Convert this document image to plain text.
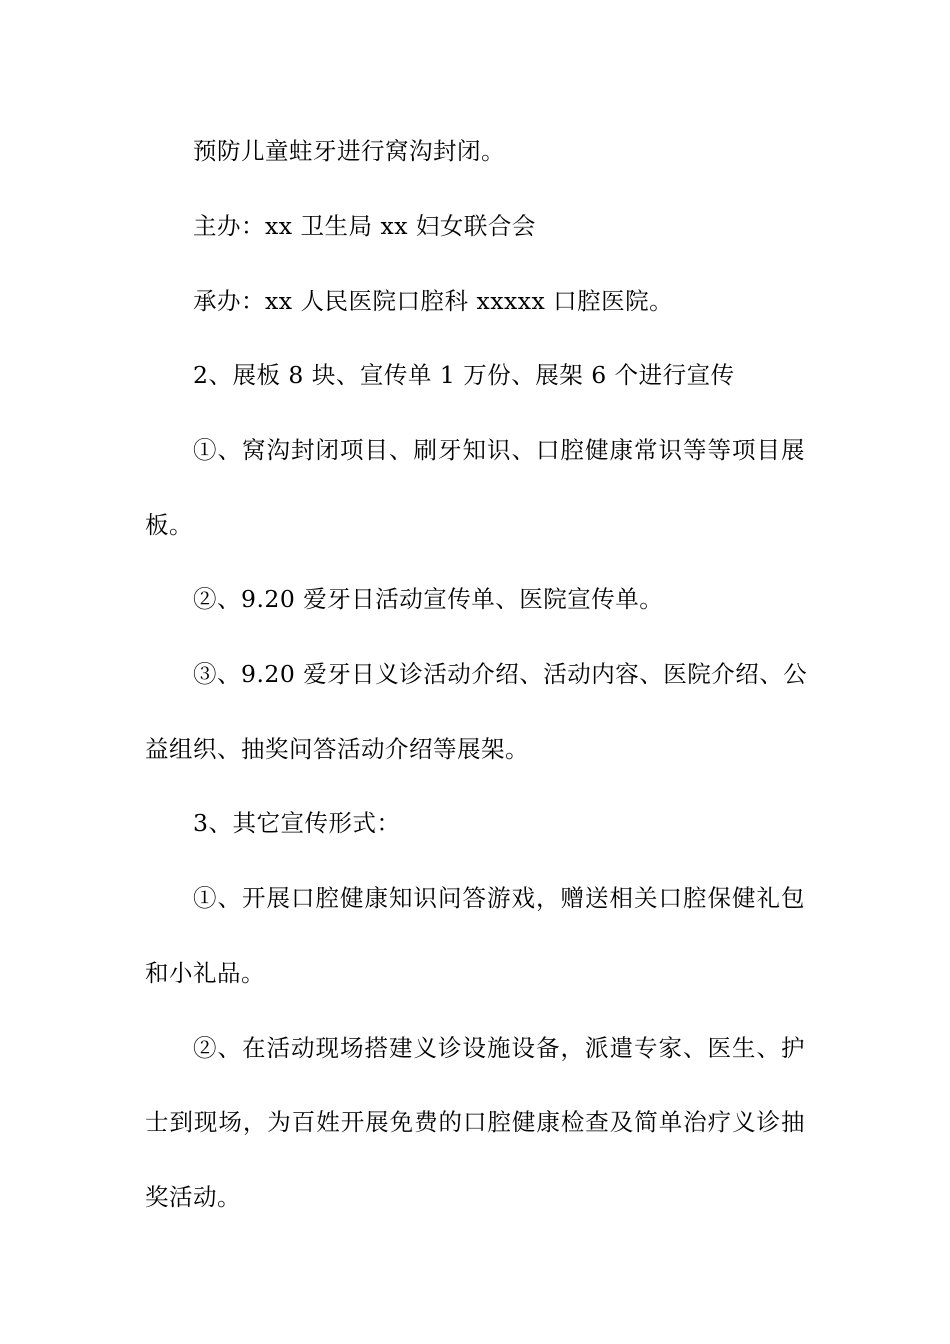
预防儿童蛀牙进行窝沟封闭。

主办：xx 卫生局 xx 妇女联合会

承办：xx 人民医院口腔科 xxxxx 口腔医院。

2、展板 8 块、宣传单 1 万份、展架 6 个进行宣传

①、窝沟封闭项目、刷牙知识、口腔健康常识等等项目展

板。

②、9.20 爱牙日活动宣传单、医院宣传单。

③、9.20 爱牙日义诊活动介绍、活动内容、医院介绍、公

益组织、抽奖问答活动介绍等展架。

3、其它宣传形式：

①、开展口腔健康知识问答游戏，赠送相关口腔保健礼包

和小礼品。

②、在活动现场搭建义诊设施设备，派遣专家、医生、护

士到现场，为百姓开展免费的口腔健康检查及简单治疗义诊抽

奖活动。
